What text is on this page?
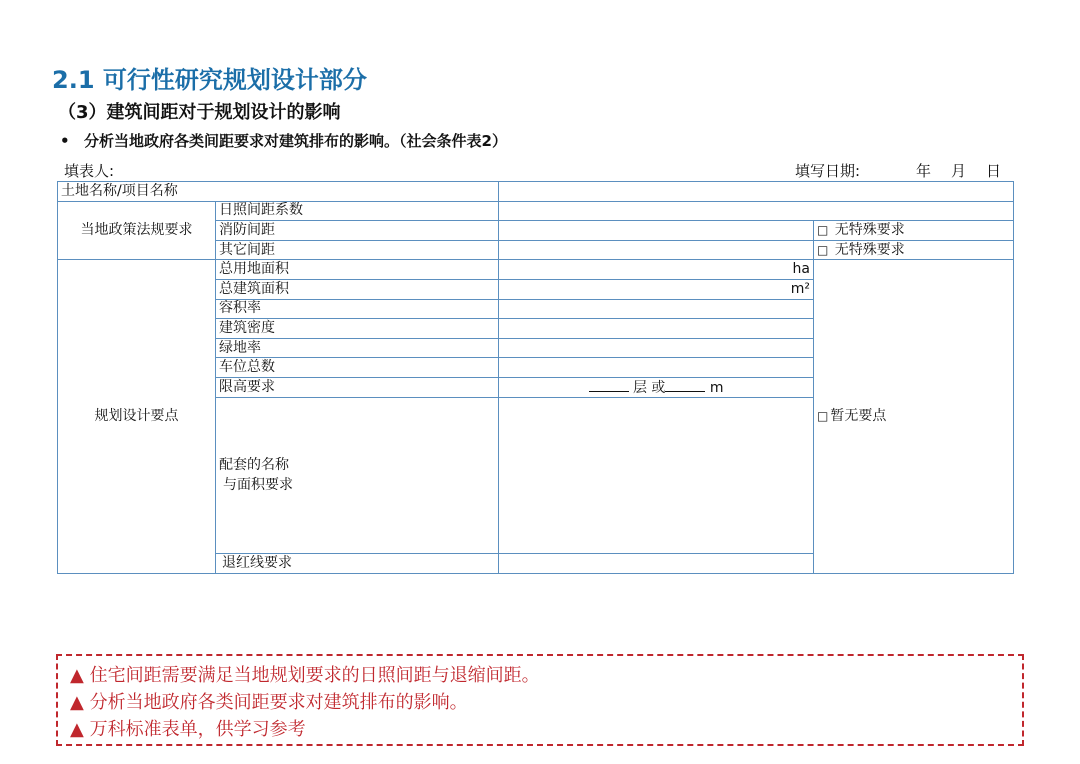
2.1 可行性研究规划设计部分
（3）建筑间距对于规划设计的影响
• 分析当地政府各类间距要求对建筑排布的影响。（社会条件表2）
填表人:	填写日期:	年 月 日
土地名称/项目名称			
当地政策法规要求	日照间距系数		
	消防间距		□ 无特殊要求
	其它间距		□ 无特殊要求
规划设计要点	总用地面积	ha	□ 暂无要点
	总建筑面积	m²	
	容积率		
	建筑密度		
	绿地率		
	车位总数		
	限高要求	层 或 m	

	配套的名称
与面积要求		

	退红线要求		
▲ 住宅间距需要满足当地规划要求的日照间距与退缩间距。
▲ 分析当地政府各类间距要求对建筑排布的影响。
▲ 万科标准表单，供学习参考
